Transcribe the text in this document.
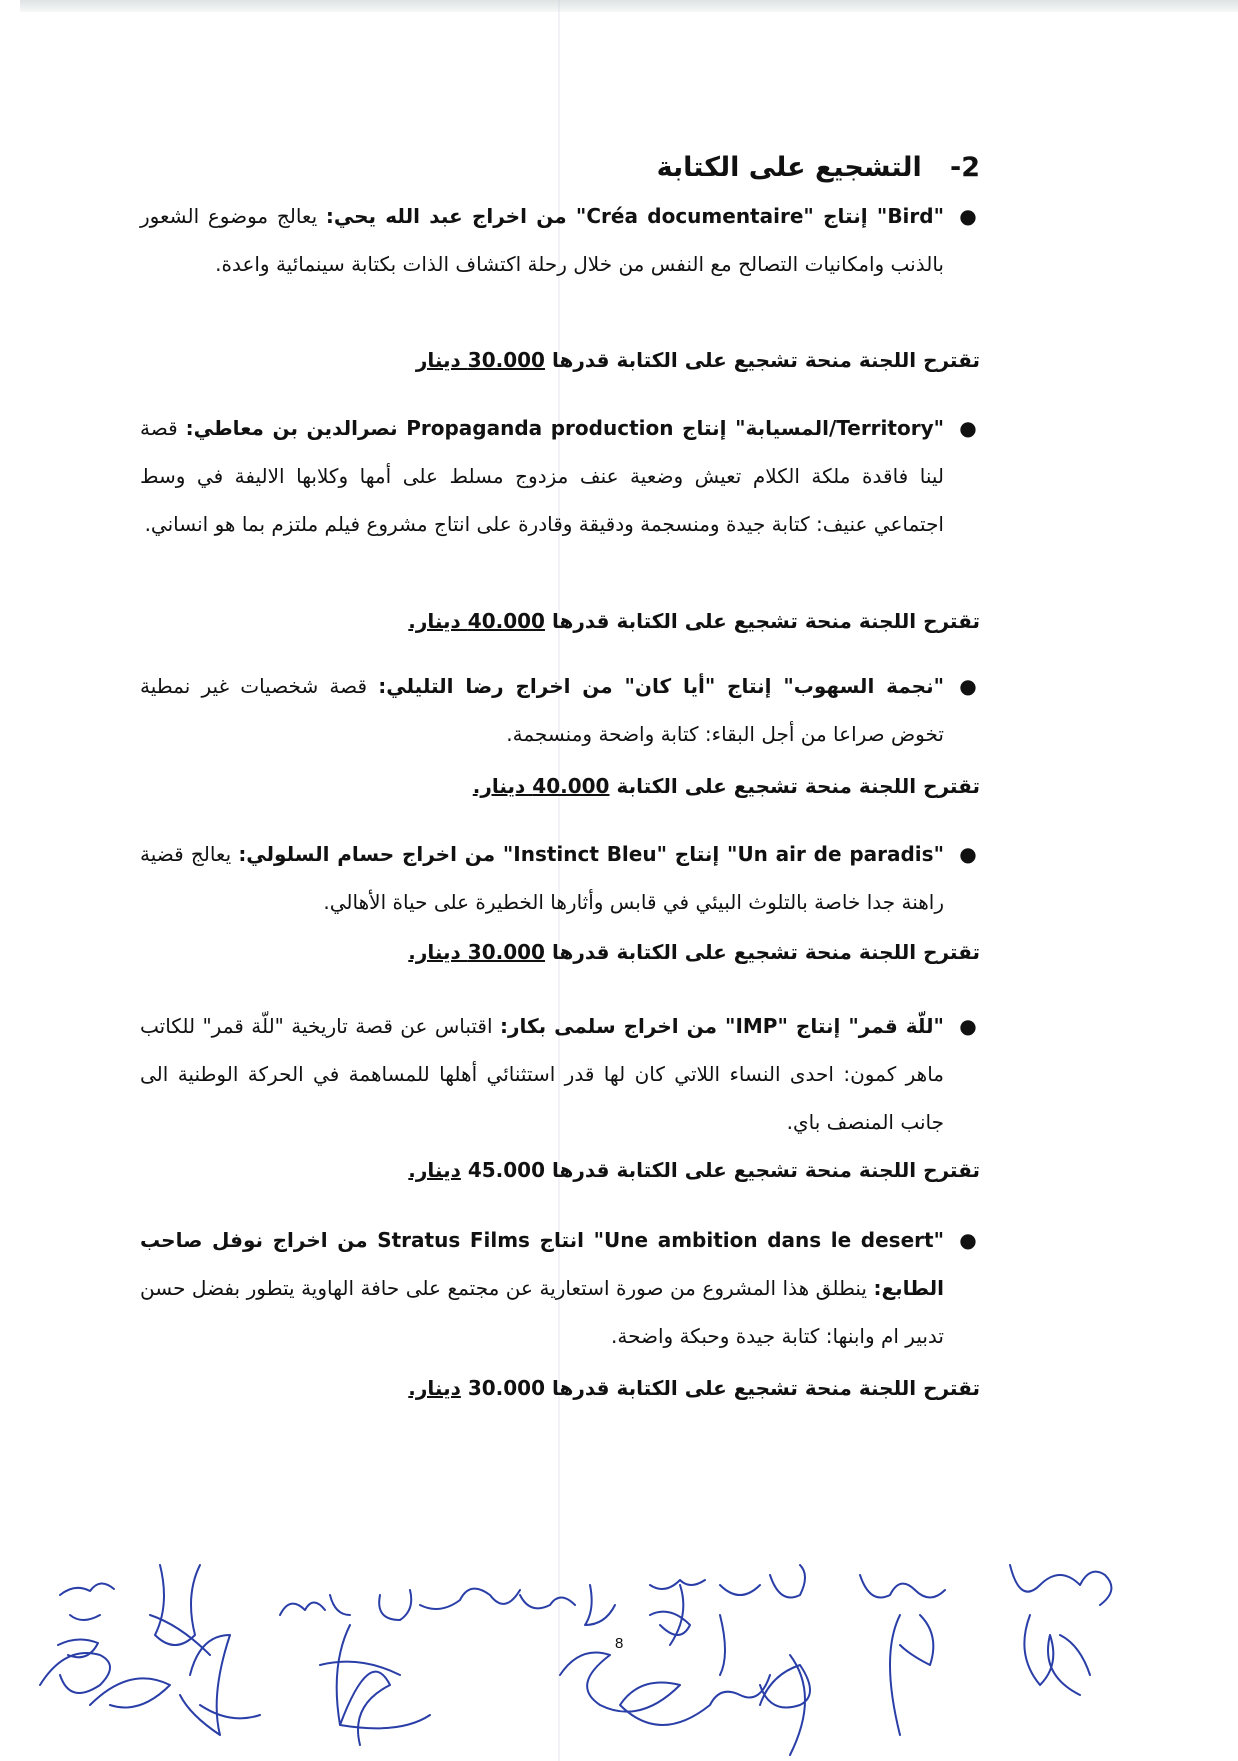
2-   التشجيع على الكتابة
●
"Bird" إنتاج "Créa documentaire" من اخراج عبد الله يحي: يعالج موضوع الشعور بالذنب وامكانيات التصالح مع النفس من خلال رحلة اكتشاف الذات بكتابة سينمائية واعدة.
تقترح اللجنة منحة تشجيع على الكتابة قدرها 30.000 دينار
●
"Territory/المسيابة" إنتاج Propaganda production نصرالدين بن معاطي: قصة لينا فاقدة ملكة الكلام تعيش وضعية عنف مزدوج مسلط على أمها وكلابها الاليفة في وسط اجتماعي عنيف: كتابة جيدة ومنسجمة ودقيقة وقادرة على انتاج مشروع فيلم ملتزم بما هو انساني.
تقترح اللجنة منحة تشجيع على الكتابة قدرها 40.000 دينار.
●
"نجمة السهوب" إنتاج "أيا كان" من اخراج رضا التليلي: قصة شخصيات غير نمطية تخوض صراعا من أجل البقاء: كتابة واضحة ومنسجمة.
تقترح اللجنة منحة تشجيع على الكتابة 40.000 دينار.
●
"Un air de paradis" إنتاج "Instinct Bleu" من اخراج حسام السلولي: يعالج قضية راهنة جدا خاصة بالتلوث البيئي في قابس وأثارها الخطيرة على حياة الأهالي.
تقترح اللجنة منحة تشجيع على الكتابة قدرها 30.000 دينار.
●
"للّة قمر" إنتاج "IMP" من اخراج سلمى بكار: اقتباس عن قصة تاريخية "للّة قمر" للكاتب ماهر كمون: احدى النساء اللاتي كان لها قدر استثنائي أهلها للمساهمة في الحركة الوطنية الى جانب المنصف باي.
تقترح اللجنة منحة تشجيع على الكتابة قدرها 45.000 دينار.
●
"Une ambition dans le desert" انتاج Stratus Films من اخراج نوفل صاحب الطابع: ينطلق هذا المشروع من صورة استعارية عن مجتمع على حافة الهاوية يتطور بفضل حسن تدبير ام وابنها: كتابة جيدة وحبكة واضحة.
تقترح اللجنة منحة تشجيع على الكتابة قدرها 30.000 دينار.
8
